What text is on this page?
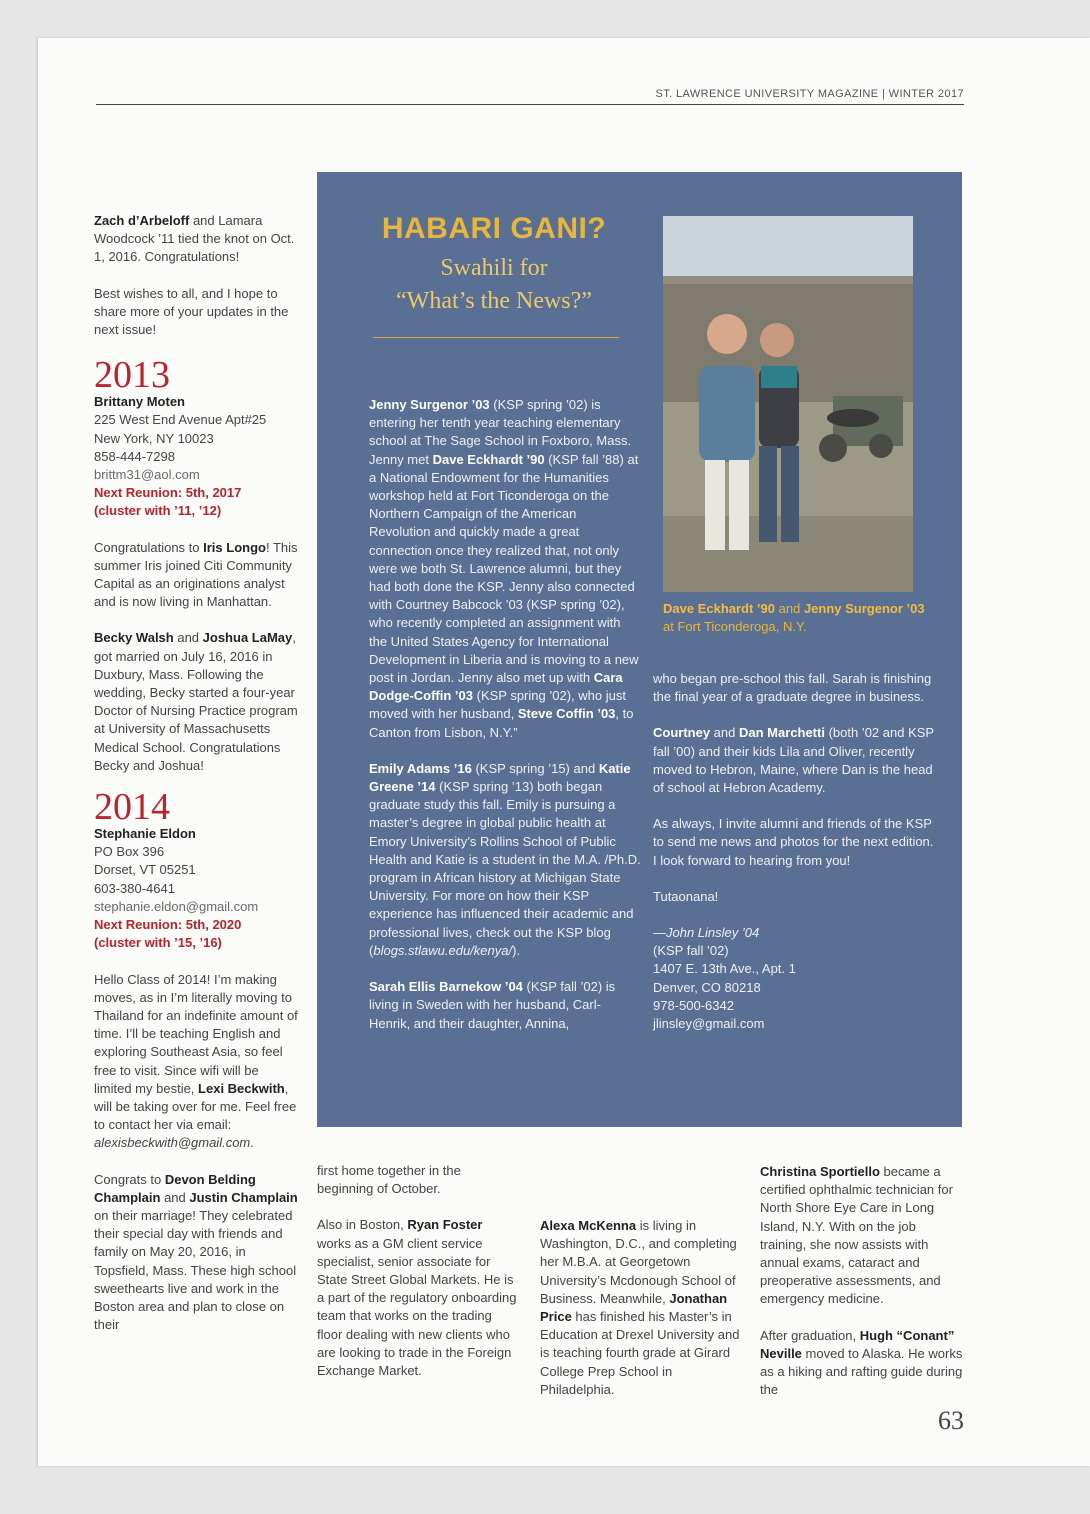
ST. LAWRENCE UNIVERSITY MAGAZINE | WINTER 2017

Zach d’Arbeloff and Lamara Woodcock ’11 tied the knot on Oct. 1, 2016. Congratulations!

Best wishes to all, and I hope to share more of your updates in the next issue!

2013
Brittany Moten
225 West End Avenue Apt#25
New York, NY 10023
858-444-7298
brittm31@aol.com
Next Reunion: 5th, 2017
(cluster with ’11, ’12)

Congratulations to Iris Longo! This summer Iris joined Citi Community Capital as an originations analyst and is now living in Manhattan.

Becky Walsh and Joshua LaMay, got married on July 16, 2016 in Duxbury, Mass. Following the wedding, Becky started a four-year Doctor of Nursing Practice program at University of Massachusetts Medical School. Congratulations Becky and Joshua!

2014
Stephanie Eldon
PO Box 396
Dorset, VT 05251
603-380-4641
stephanie.eldon@gmail.com
Next Reunion: 5th, 2020
(cluster with ’15, ’16)

Hello Class of 2014! I’m making moves, as in I’m literally moving to Thailand for an indefinite amount of time. I’ll be teaching English and exploring Southeast Asia, so feel free to visit. Since wifi will be limited my bestie, Lexi Beckwith, will be taking over for me. Feel free to contact her via email: alexisbeckwith@gmail.com.

Congrats to Devon Belding Champlain and Justin Champlain on their marriage! They celebrated their special day with friends and family on May 20, 2016, in Topsfield, Mass. These high school sweethearts live and work in the Boston area and plan to close on their

HABARI GANI?
Swahili for
“What’s the News?”

Jenny Surgenor ’03 (KSP spring ’02) is entering her tenth year teaching elementary school at The Sage School in Foxboro, Mass. Jenny met Dave Eckhardt ’90 (KSP fall ’88) at a National Endowment for the Humanities workshop held at Fort Ticonderoga on the Northern Campaign of the American Revolution and quickly made a great connection once they realized that, not only were we both St. Lawrence alumni, but they had both done the KSP. Jenny also connected with Courtney Babcock ’03 (KSP spring ’02), who recently completed an assignment with the United States Agency for International Development in Liberia and is moving to a new post in Jordan. Jenny also met up with Cara Dodge-Coffin ’03 (KSP spring ’02), who just moved with her husband, Steve Coffin ’03, to Canton from Lisbon, N.Y.”

Emily Adams ’16 (KSP spring ’15) and Katie Greene ’14 (KSP spring ’13) both began graduate study this fall. Emily is pursuing a master’s degree in global public health at Emory University’s Rollins School of Public Health and Katie is a student in the M.A. /Ph.D. program in African history at Michigan State University. For more on how their KSP experience has influenced their academic and professional lives, check out the KSP blog (blogs.stlawu.edu/kenya/).

Sarah Ellis Barnekow ’04 (KSP fall ’02) is living in Sweden with her husband, Carl-Henrik, and their daughter, Annina,

Dave Eckhardt ’90 and Jenny Surgenor ’03 at Fort Ticonderoga, N.Y.

who began pre-school this fall. Sarah is finishing the final year of a graduate degree in business.

Courtney and Dan Marchetti (both ’02 and KSP fall ’00) and their kids Lila and Oliver, recently moved to Hebron, Maine, where Dan is the head of school at Hebron Academy.

As always, I invite alumni and friends of the KSP to send me news and photos for the next edition. I look forward to hearing from you!

Tutaonana!

—John Linsley ’04
(KSP fall ’02)
1407 E. 13th Ave., Apt. 1
Denver, CO 80218
978-500-6342
jlinsley@gmail.com

first home together in the beginning of October.

Also in Boston, Ryan Foster works as a GM client service specialist, senior associate for State Street Global Markets. He is a part of the regulatory onboarding team that works on the trading floor dealing with new clients who are looking to trade in the Foreign Exchange Market.

Alexa McKenna is living in Washington, D.C., and completing her M.B.A. at Georgetown University’s Mcdonough School of Business. Meanwhile, Jonathan Price has finished his Master’s in Education at Drexel University and is teaching fourth grade at Girard College Prep School in Philadelphia.

Christina Sportiello became a certified ophthalmic technician for North Shore Eye Care in Long Island, N.Y. With on the job training, she now assists with annual exams, cataract and preoperative assessments, and emergency medicine.

After graduation, Hugh “Conant” Neville moved to Alaska. He works as a hiking and rafting guide during the

63
